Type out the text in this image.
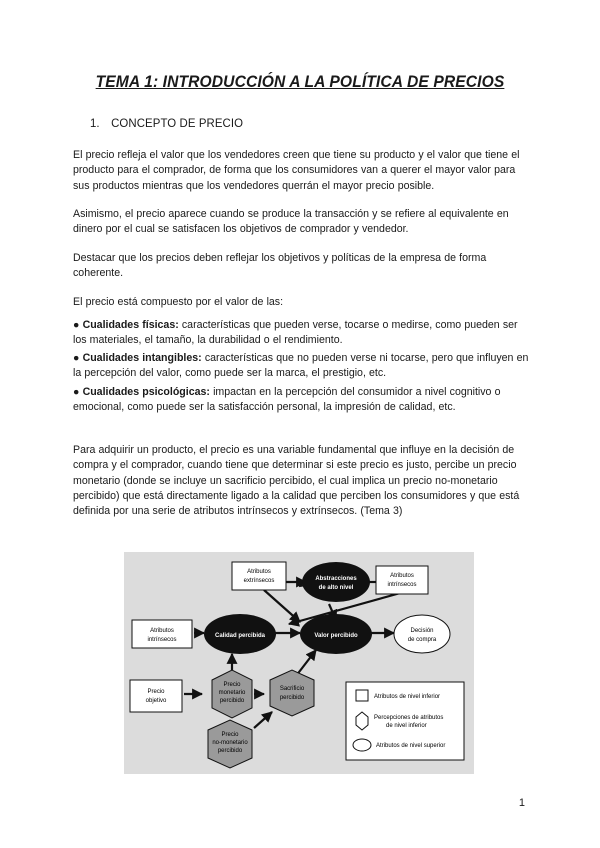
TEMA 1: INTRODUCCIÓN A LA POLÍTICA DE PRECIOS
1. CONCEPTO DE PRECIO

El precio refleja el valor que los vendedores creen que tiene su producto y el valor que tiene el producto para el comprador, de forma que los consumidores van a querer el mayor valor para sus productos mientras que los vendedores querrán el mayor precio posible.

Asimismo, el precio aparece cuando se produce la transacción y se refiere al equivalente en dinero por el cual se satisfacen los objetivos de comprador y vendedor.

Destacar que los precios deben reflejar los objetivos y políticas de la empresa de forma coherente.

El precio está compuesto por el valor de las:

● Cualidades físicas: características que pueden verse, tocarse o medirse, como pueden ser los materiales, el tamaño, la durabilidad o el rendimiento.

● Cualidades intangibles: características que no pueden verse ni tocarse, pero que influyen en la percepción del valor, como puede ser la marca, el prestigio, etc.

● Cualidades psicológicas: impactan en la percepción del consumidor a nivel cognitivo o emocional, como puede ser la satisfacción personal, la impresión de calidad, etc.

Para adquirir un producto, el precio es una variable fundamental que influye en la decisión de compra y el comprador, cuando tiene que determinar si este precio es justo, percibe un precio monetario (donde se incluye un sacrificio percibido, el cual implica un precio no-monetario percibido) que está directamente ligado a la calidad que perciben los consumidores y que está definida por una serie de atributos intrínsecos y extrínsecos. (Tema 3)

Atributos
extrínsecos
Atributos
intrínsecos
Atributos
intrínsecos
Precio
objetivo
Abstracciones
de alto nivel
Calidad percibida	Valor percibido
Decisión
de compra
Precio
monetario
percibido
Sacrificio
percibido
Precio
no-monetario
percibido
Atributos de nivel inferior
Percepciones de atributos
de nivel inferior
Atributos de nivel superior

1
